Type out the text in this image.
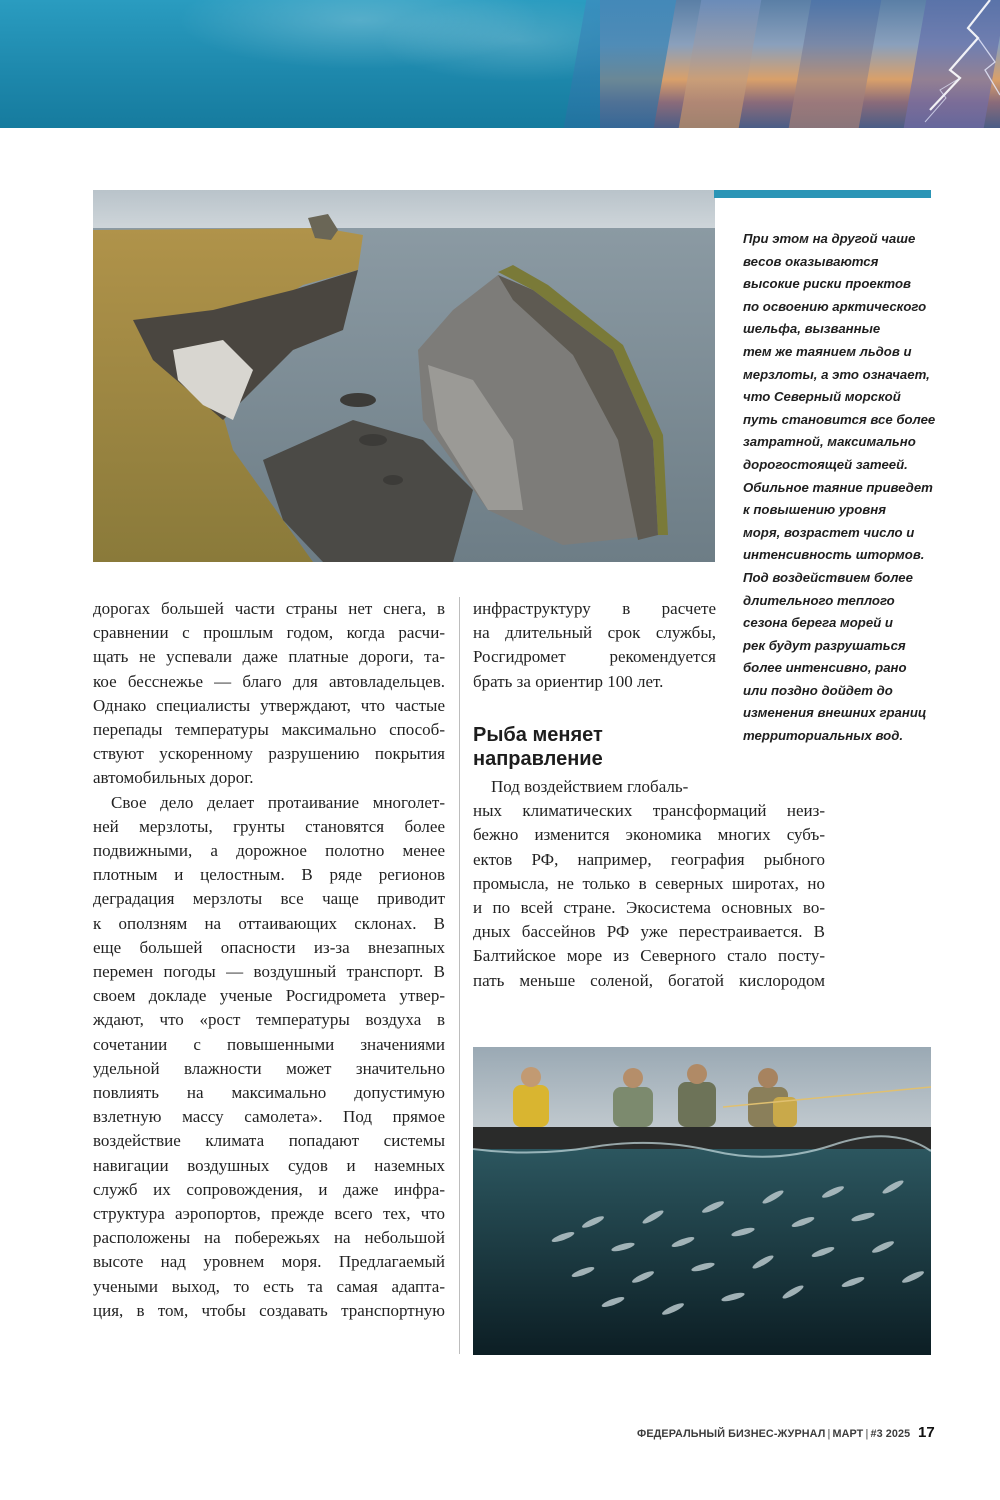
При этом на другой чаше
весов оказываются
высокие риски проектов
по освоению арктического
шельфа, вызванные
тем же таянием льдов и
мерзлоты, а это означает,
что Северный морской
путь становится все более
затратной, максимально
дорогостоящей затеей.
Обильное таяние приведет
к повышению уровня
моря, возрастет число и
интенсивность штормов.
Под воздействием более
длительного теплого
сезона берега морей и
рек будут разрушаться
более интенсивно, рано
или поздно дойдет до
изменения внешних границ
территориальных вод.
дорогах большей части страны нет снега, в
сравнении с прошлым годом, когда расчи-
щать не успевали даже платные дороги, та-
кое бесснежье — благо для автовладельцев.
Однако специалисты утверждают, что частые
перепады температуры максимально способ-
ствуют ускоренному разрушению покрытия
автомобильных дорог.
Свое дело делает протаивание многолет-
ней мерзлоты, грунты становятся более
подвижными, а дорожное полотно менее
плотным и целостным. В ряде регионов
деградация мерзлоты все чаще приводит
к оползням на оттаивающих склонах. В
еще большей опасности из-за внезапных
перемен погоды — воздушный транспорт. В
своем докладе ученые Росгидромета утвер-
ждают, что «рост температуры воздуха в
сочетании с повышенными значениями
удельной влажности может значительно
повлиять на максимально допустимую
взлетную массу самолета». Под прямое
воздействие климата попадают системы
навигации воздушных судов и наземных
служб их сопровождения, и даже инфра-
структура аэропортов, прежде всего тех, что
расположены на побережьях на небольшой
высоте над уровнем моря. Предлагаемый
учеными выход, то есть та самая адапта-
ция, в том, чтобы создавать транспортную
инфраструктуру в расчете
на длительный срок службы,
Росгидромет рекомендуется
брать за ориентир 100 лет.
Рыба меняет
направление
Под воздействием глобаль-
ных климатических трансформаций неиз-
бежно изменится экономика многих субъ-
ектов РФ, например, география рыбного
промысла, не только в северных широтах, но
и по всей стране. Экосистема основных во-
дных бассейнов РФ уже перестраивается. В
Балтийское море из Северного стало посту-
пать меньше соленой, богатой кислородом
ФЕДЕРАЛЬНЫЙ БИЗНЕС-ЖУРНАЛ | МАРТ | #3 2025 17
